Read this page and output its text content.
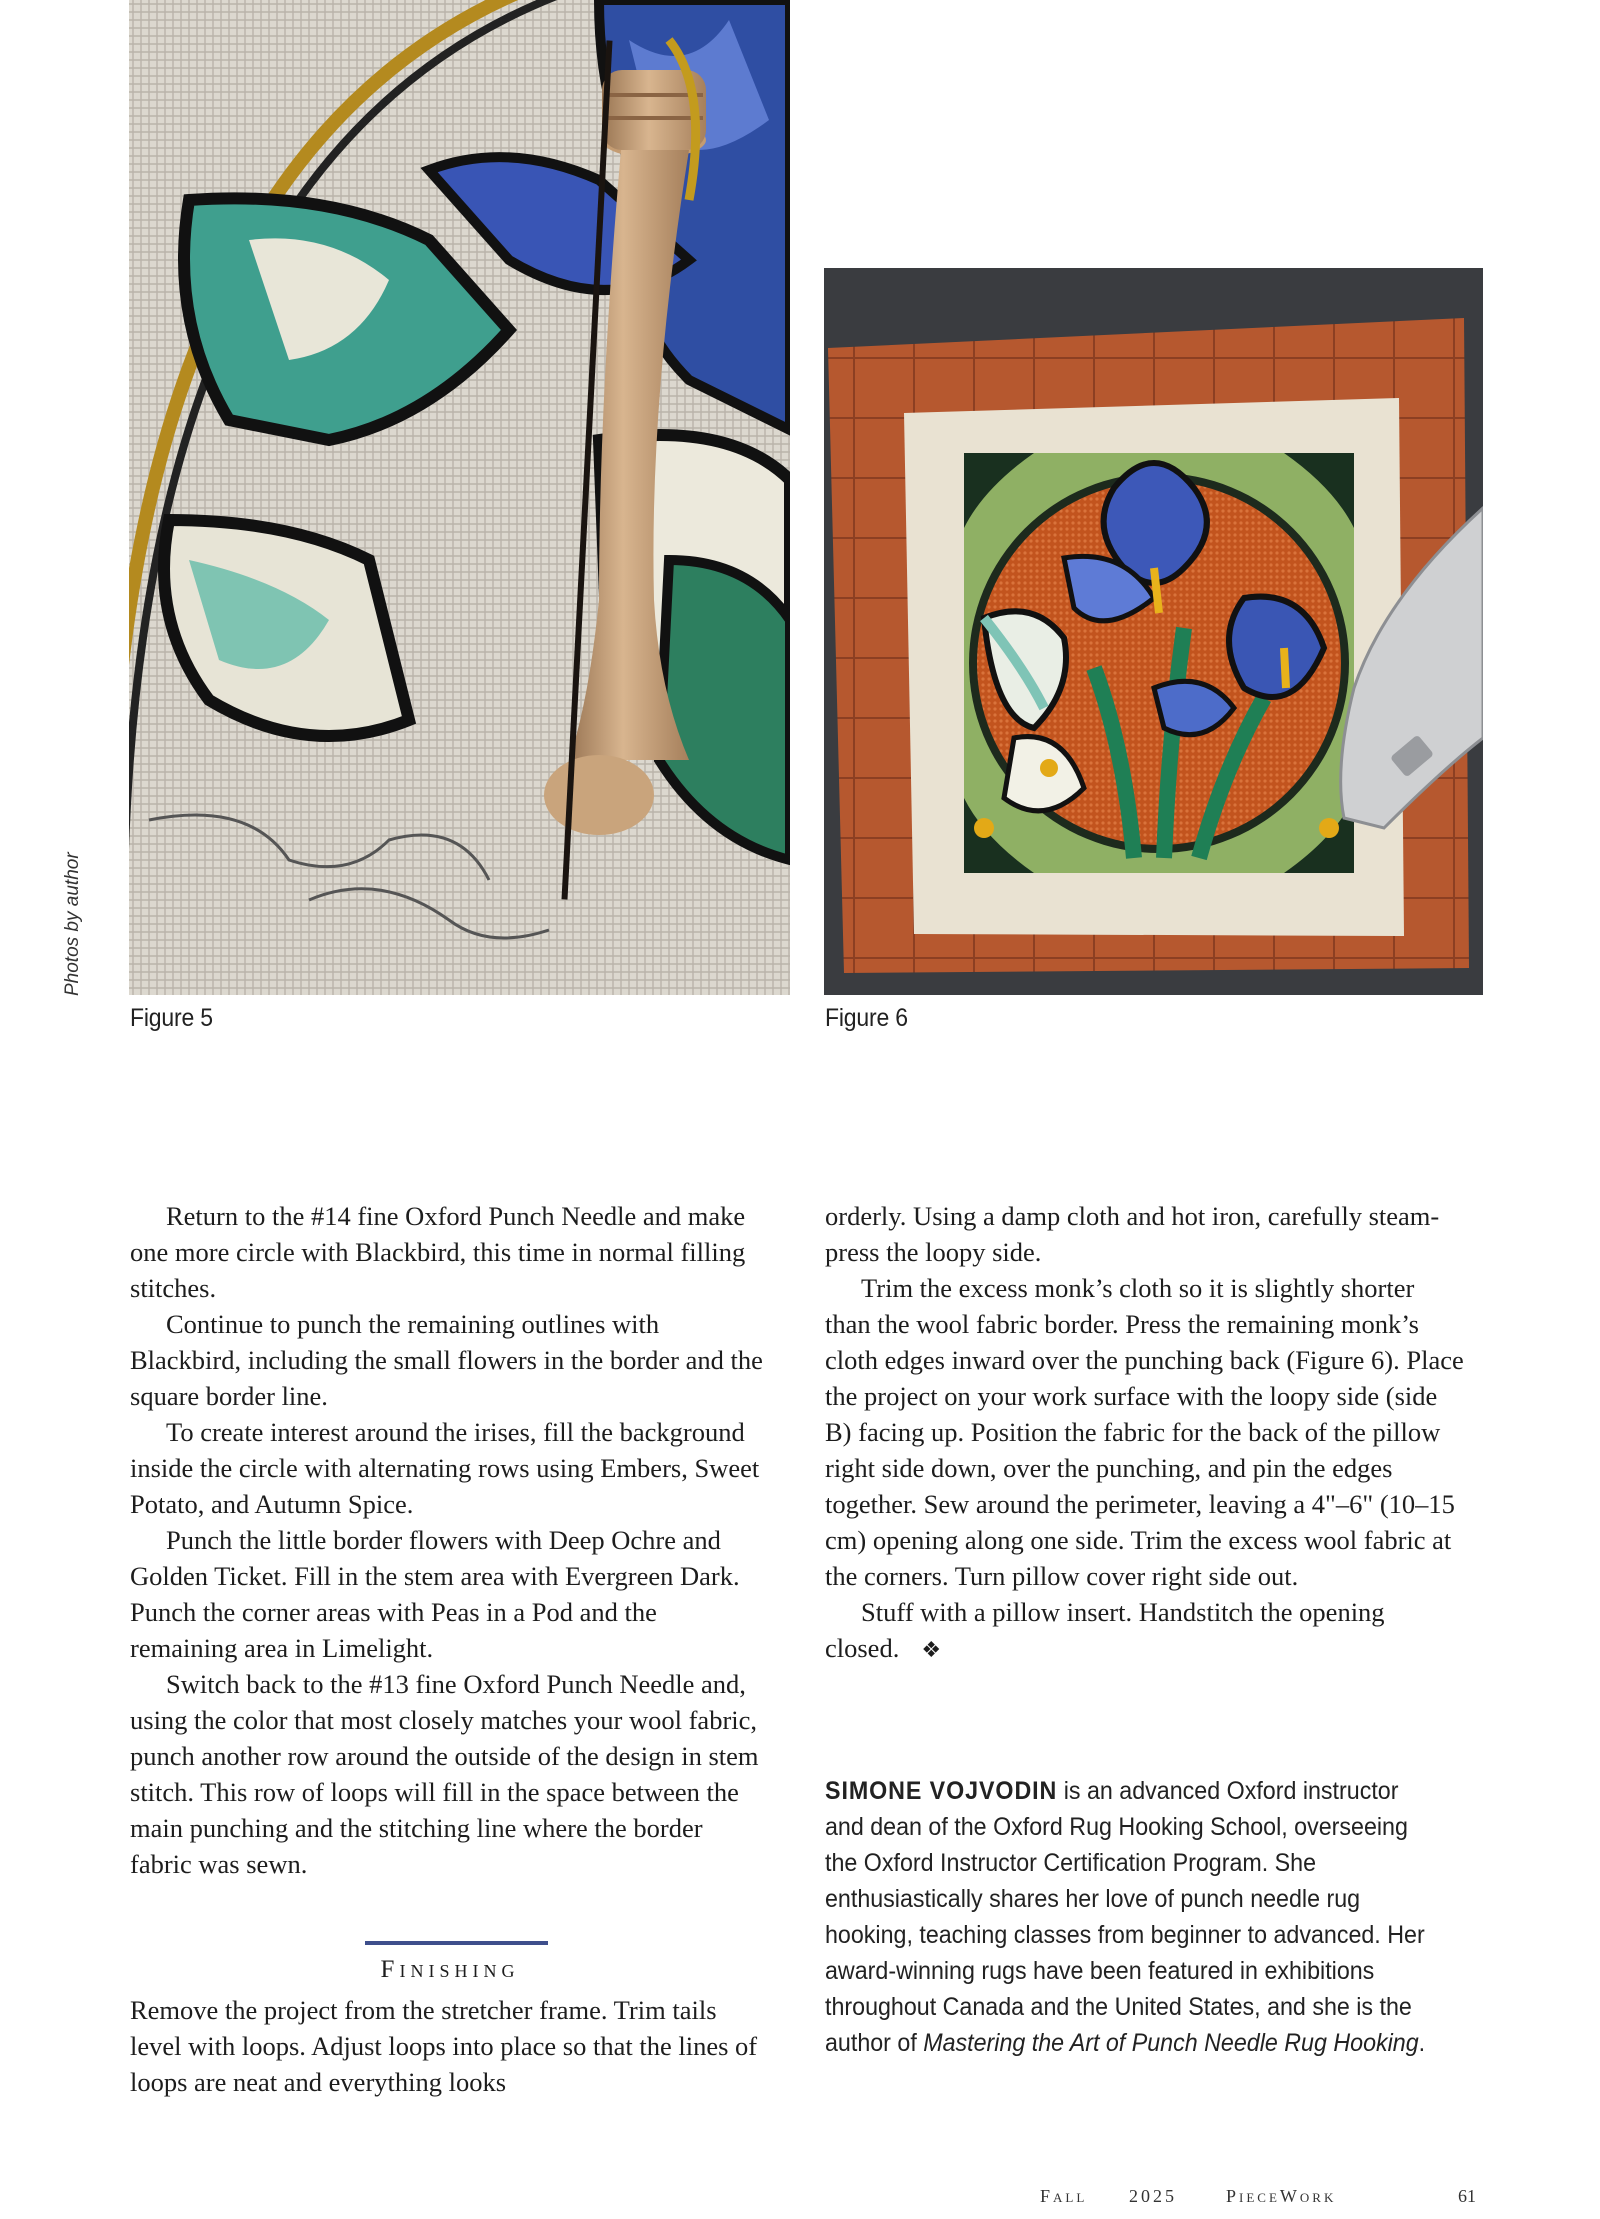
Photos by author
Figure 5	Figure 6

Return to the #14 fine Oxford Punch Needle and make one more circle with Blackbird, this time in normal filling stitches.

Continue to punch the remaining outlines with Blackbird, including the small flowers in the border and the square border line.

To create interest around the irises, fill the background inside the circle with alternating rows using Embers, Sweet Potato, and Autumn Spice.

Punch the little border flowers with Deep Ochre and Golden Ticket. Fill in the stem area with Evergreen Dark. Punch the corner areas with Peas in a Pod and the remaining area in Limelight.

Switch back to the #13 fine Oxford Punch Needle and, using the color that most closely matches your wool fabric, punch another row around the outside of the design in stem stitch. This row of loops will fill in the space between the main punching and the stitching line where the border fabric was sewn.

Finishing

Remove the project from the stretcher frame. Trim tails level with loops. Adjust loops into place so that the lines of loops are neat and everything looks

orderly. Using a damp cloth and hot iron, carefully steam-press the loopy side.

Trim the excess monk’s cloth so it is slightly shorter than the wool fabric border. Press the remaining monk’s cloth edges inward over the punching back (Figure 6). Place the project on your work surface with the loopy side (side B) facing up. Position the fabric for the back of the pillow right side down, over the punching, and pin the edges together. Sew around the perimeter, leaving a 4"–6" (10–15 cm) opening along one side. Trim the excess wool fabric at the corners. Turn pillow cover right side out.

Stuff with a pillow insert. Handstitch the opening closed. ❖

SIMONE VOJVODIN is an advanced Oxford instructor and dean of the Oxford Rug Hooking School, overseeing the Oxford Instructor Certification Program. She enthusiastically shares her love of punch needle rug hooking, teaching classes from beginner to advanced. Her award-winning rugs have been featured in exhibitions throughout Canada and the United States, and she is the author of Mastering the Art of Punch Needle Rug Hooking.
Fall 2025	PieceWork	61
